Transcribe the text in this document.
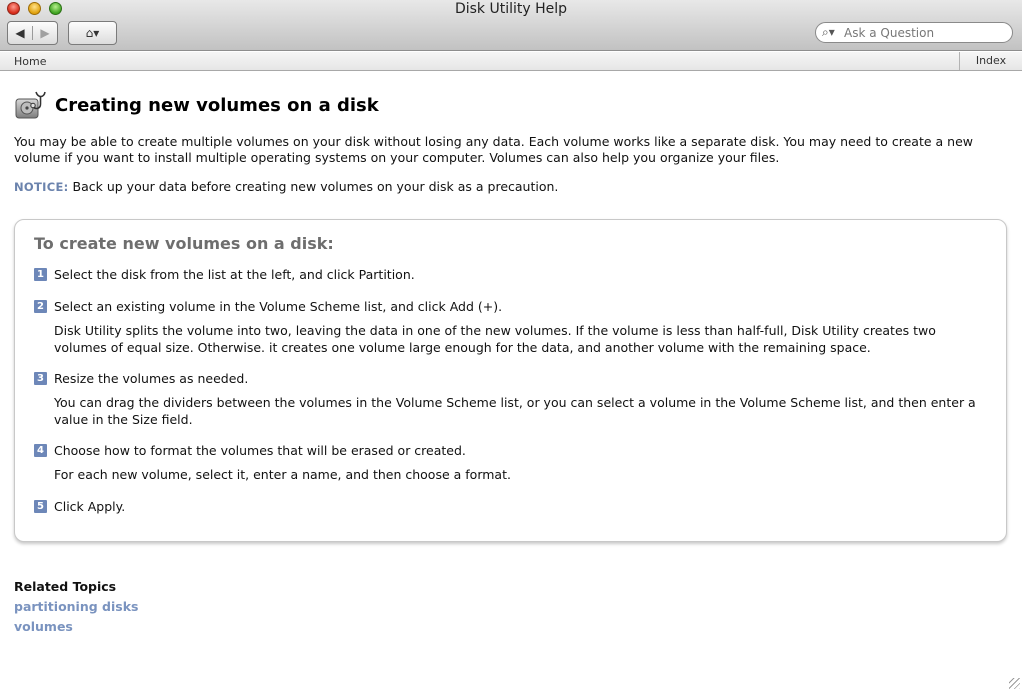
Disk Utility Help
◀	▶	⌂▾	⌕▾
Ask a Question
Home	Index
Creating new volumes on a disk
You may be able to create multiple volumes on your disk without losing any data. Each volume works like a separate disk. You may need to create a new volume if you want to install multiple operating systems on your computer. Volumes can also help you organize your files.
NOTICE: Back up your data before creating new volumes on your disk as a precaution.
To create new volumes on a disk:
1 Select the disk from the list at the left, and click Partition.
2 Select an existing volume in the Volume Scheme list, and click Add (+).
Disk Utility splits the volume into two, leaving the data in one of the new volumes. If the volume is less than half-full, Disk Utility creates two volumes of equal size. Otherwise. it creates one volume large enough for the data, and another volume with the remaining space.
3 Resize the volumes as needed.
You can drag the dividers between the volumes in the Volume Scheme list, or you can select a volume in the Volume Scheme list, and then enter a value in the Size field.
4 Choose how to format the volumes that will be erased or created.
For each new volume, select it, enter a name, and then choose a format.
5 Click Apply.
Related Topics
partitioning disks
volumes
